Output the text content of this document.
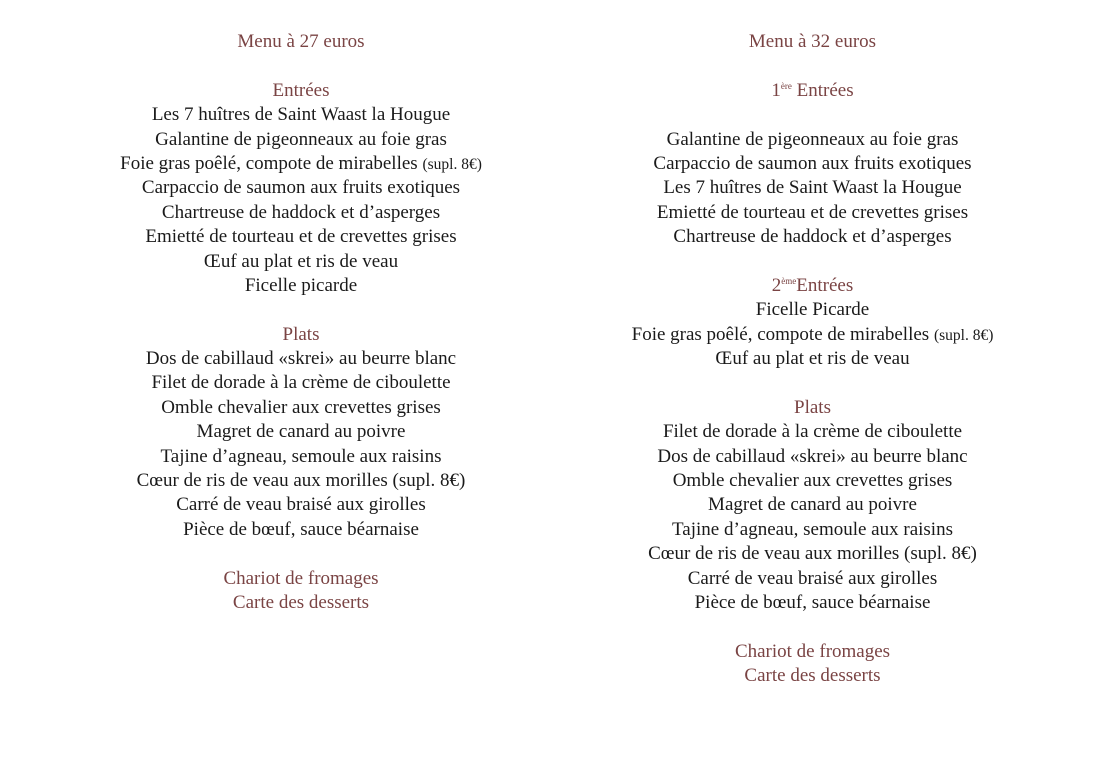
Menu à 27 euros
Entrées
Les 7 huîtres de Saint Waast la Hougue
Galantine de pigeonneaux au foie gras
Foie gras poêlé, compote de mirabelles (supl. 8€)
Carpaccio de saumon aux fruits exotiques
Chartreuse de haddock et d’asperges
Emietté de tourteau et de crevettes grises
Œuf au plat et ris de veau
Ficelle picarde
Plats
Dos de cabillaud «skrei» au beurre blanc
Filet de dorade à la crème de ciboulette
Omble chevalier aux crevettes grises
Magret de canard au poivre
Tajine d’agneau, semoule aux raisins
Cœur de ris de veau aux morilles (supl. 8€)
Carré de veau braisé aux girolles
Pièce de bœuf, sauce béarnaise
Chariot de fromages
Carte des desserts
Menu à 32 euros
1ère Entrées
Galantine de pigeonneaux au foie gras
Carpaccio de saumon aux fruits exotiques
Les 7 huîtres de Saint Waast la Hougue
Emietté de tourteau et de crevettes grises
Chartreuse de haddock et d’asperges
2èmeEntrées
Ficelle Picarde
Foie gras poêlé, compote de mirabelles (supl. 8€)
Œuf au plat et ris de veau
Plats
Filet de dorade à la crème de ciboulette
Dos de cabillaud «skrei» au beurre blanc
Omble chevalier aux crevettes grises
Magret de canard au poivre
Tajine d’agneau, semoule aux raisins
Cœur de ris de veau aux morilles (supl. 8€)
Carré de veau braisé aux girolles
Pièce de bœuf, sauce béarnaise
Chariot de fromages
Carte des desserts
